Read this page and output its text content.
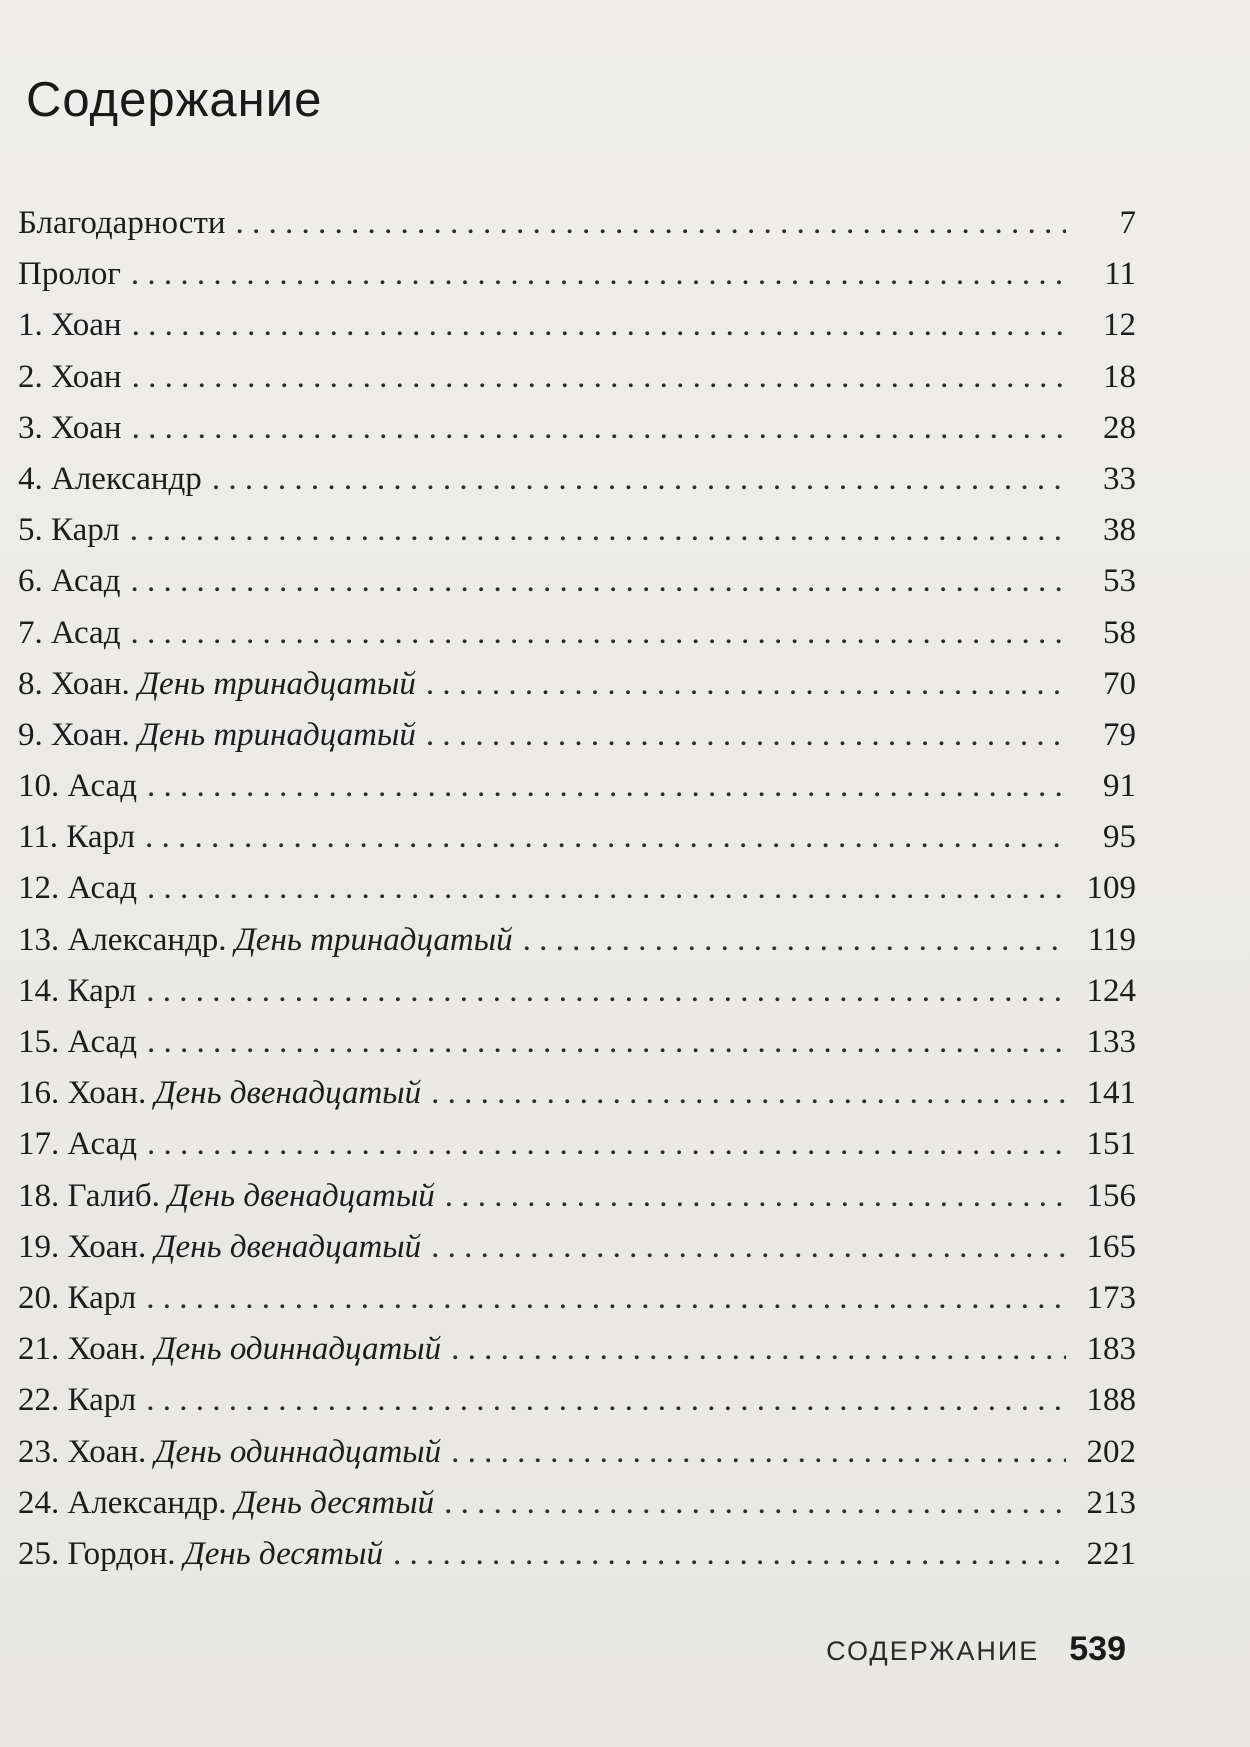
Содержание
Благодарности . . .	7
Пролог . . .	11
1. Хоан . . .	12
2. Хоан . . .	18
3. Хоан . . .	28
4. Александр . . .	33
5. Карл . . .	38
6. Асад . . .	53
7. Асад . . .	58
8. Хоан. День тринадцатый . . .	70
9. Хоан. День тринадцатый . . .	79
10. Асад . . .	91
11. Карл . . .	95
12. Асад . . .	109
13. Александр. День тринадцатый . . .	119
14. Карл . . .	124
15. Асад . . .	133
16. Хоан. День двенадцатый . . .	141
17. Асад . . .	151
18. Галиб. День двенадцатый . . .	156
19. Хоан. День двенадцатый . . .	165
20. Карл . . .	173
21. Хоан. День одиннадцатый . . .	183
22. Карл . . .	188
23. Хоан. День одиннадцатый . . .	202
24. Александр. День десятый . . .	213
25. Гордон. День десятый . . .	221
СОДЕРЖАНИЕ 539
